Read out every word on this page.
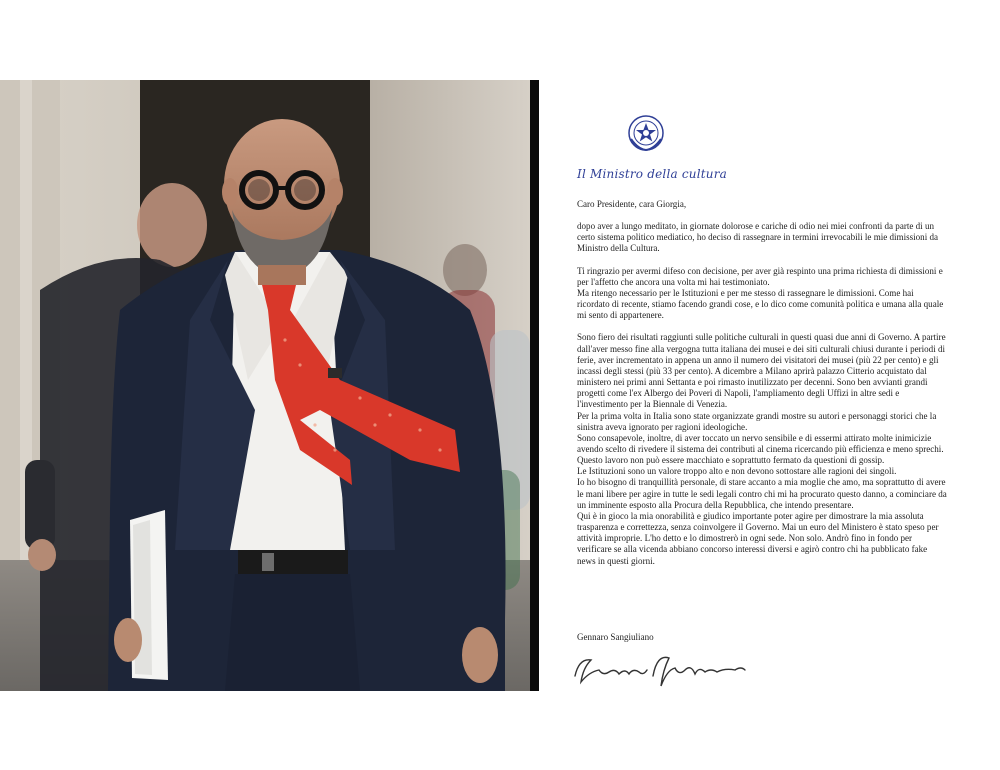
Il Ministro della cultura

Caro Presidente, cara Giorgia,

dopo aver a lungo meditato, in giornate dolorose e cariche di odio nei miei confronti da parte di un certo sistema politico mediatico, ho deciso di rassegnare in termini irrevocabili le mie dimissioni da Ministro della Cultura.

Ti ringrazio per avermi difeso con decisione, per aver già respinto una prima richiesta di dimissioni e per l'affetto che ancora una volta mi hai testimoniato.

Ma ritengo necessario per le Istituzioni e per me stesso di rassegnare le dimissioni. Come hai ricordato di recente, stiamo facendo grandi cose, e lo dico come comunità politica e umana alla quale mi sento di appartenere.

Sono fiero dei risultati raggiunti sulle politiche culturali in questi quasi due anni di Governo. A partire dall'aver messo fine alla vergogna tutta italiana dei musei e dei siti culturali chiusi durante i periodi di ferie, aver incrementato in appena un anno il numero dei visitatori dei musei (più 22 per cento) e gli incassi degli stessi (più 33 per cento). A dicembre a Milano aprirà palazzo Citterio acquistato dal ministero nei primi anni Settanta e poi rimasto inutilizzato per decenni. Sono ben avvianti grandi progetti come l'ex Albergo dei Poveri di Napoli, l'ampliamento degli Uffizi in altre sedi e l'investimento per la Biennale di Venezia.

Per la prima volta in Italia sono state organizzate grandi mostre su autori e personaggi storici che la sinistra aveva ignorato per ragioni ideologiche.

Sono consapevole, inoltre, di aver toccato un nervo sensibile e di essermi attirato molte inimicizie avendo scelto di rivedere il sistema dei contributi al cinema ricercando più efficienza e meno sprechi.

Questo lavoro non può essere macchiato e soprattutto fermato da questioni di gossip.

Le Istituzioni sono un valore troppo alto e non devono sottostare alle ragioni dei singoli.

Io ho bisogno di tranquillità personale, di stare accanto a mia moglie che amo, ma soprattutto di avere le mani libere per agire in tutte le sedi legali contro chi mi ha procurato questo danno, a cominciare da un imminente esposto alla Procura della Repubblica, che intendo presentare.

Qui è in gioco la mia onorabilità e giudico importante poter agire per dimostrare la mia assoluta trasparenza e correttezza, senza coinvolgere il Governo. Mai un euro del Ministero è stato speso per attività improprie. L'ho detto e lo dimostrerò in ogni sede. Non solo. Andrò fino in fondo per verificare se alla vicenda abbiano concorso interessi diversi e agirò contro chi ha pubblicato fake news in questi giorni.

Gennaro Sangiuliano
